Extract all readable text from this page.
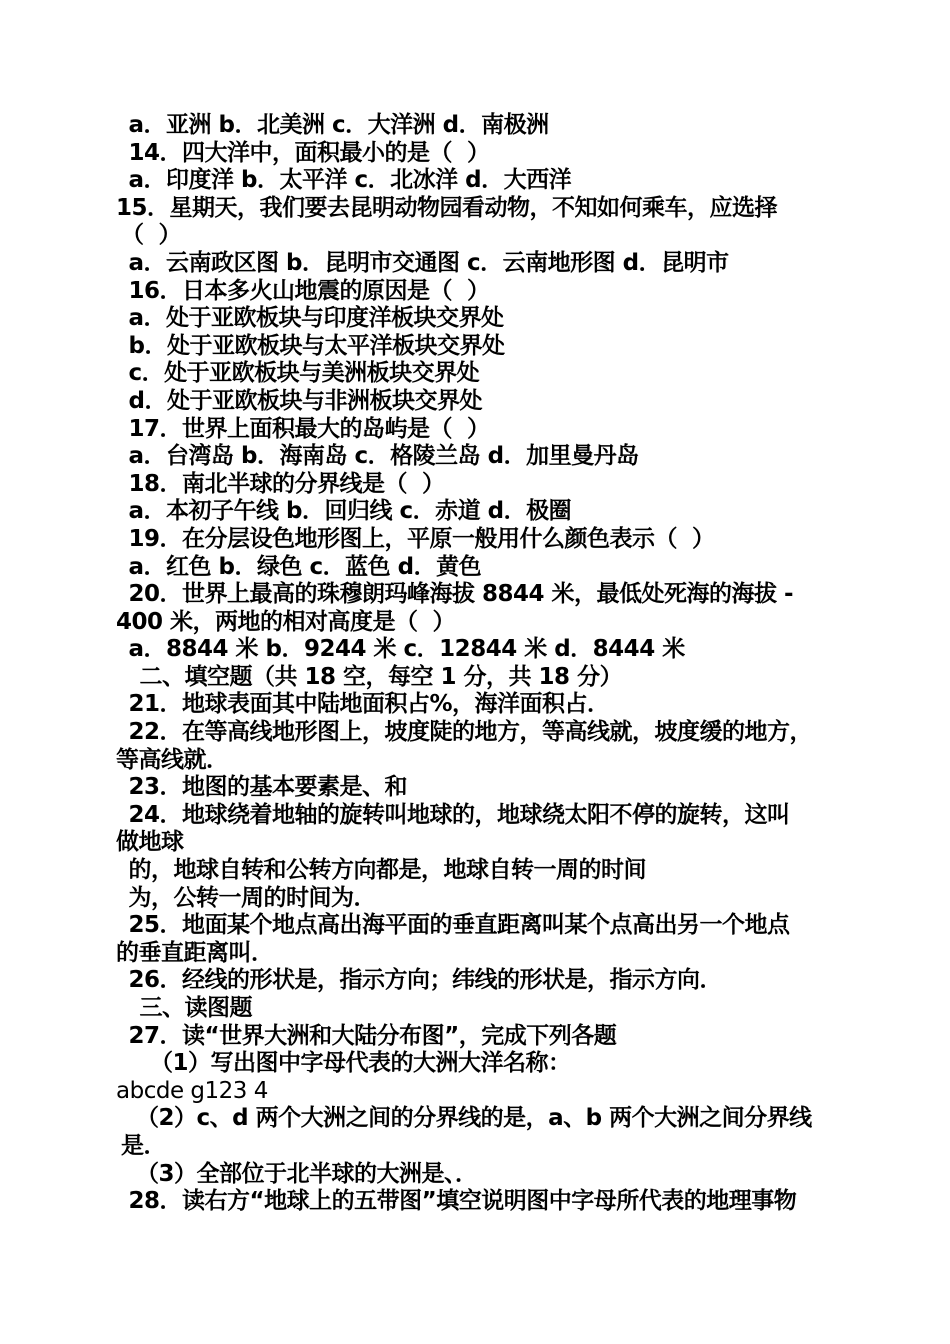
a．亚洲 b．北美洲 c．大洋洲 d．南极洲
14．四大洋中，面积最小的是（  ）
a．印度洋 b．太平洋 c．北冰洋 d．大西洋
15．星期天，我们要去昆明动物园看动物，不知如何乘车，应选择
（  ）
a．云南政区图 b．昆明市交通图 c．云南地形图 d．昆明市
16．日本多火山地震的原因是（  ）
a．处于亚欧板块与印度洋板块交界处
b．处于亚欧板块与太平洋板块交界处
c．处于亚欧板块与美洲板块交界处
d．处于亚欧板块与非洲板块交界处
17．世界上面积最大的岛屿是（  ）
a．台湾岛 b．海南岛 c．格陵兰岛 d．加里曼丹岛
18．南北半球的分界线是（  ）
a．本初子午线 b．回归线 c．赤道 d．极圈
19．在分层设色地形图上，平原一般用什么颜色表示（  ）
a．红色 b．绿色 c．蓝色 d．黄色
20．世界上最高的珠穆朗玛峰海拔 8844 米，最低处死海的海拔 -
400 米，两地的相对高度是（  ）
a．8844 米 b．9244 米 c．12844 米 d．8444 米
二、填空题（共 18 空，每空 1 分，共 18 分）
21．地球表面其中陆地面积占%，海洋面积占．
22．在等高线地形图上，坡度陡的地方，等高线就，坡度缓的地方，
等高线就．
23．地图的基本要素是、和
24．地球绕着地轴的旋转叫地球的，地球绕太阳不停的旋转，这叫
做地球
的，地球自转和公转方向都是，地球自转一周的时间
为，公转一周的时间为．
25．地面某个地点高出海平面的垂直距离叫某个点高出另一个地点
的垂直距离叫．
26．经线的形状是，指示方向；纬线的形状是，指示方向．
三、读图题
27．读“世界大洲和大陆分布图”，完成下列各题
（1）写出图中字母代表的大洲大洋名称：
abcde g123 4
（2）c、d 两个大洲之间的分界线的是，a、b 两个大洲之间分界线
是．
（3）全部位于北半球的大洲是、．
28．读右方“地球上的五带图”填空说明图中字母所代表的地理事物
